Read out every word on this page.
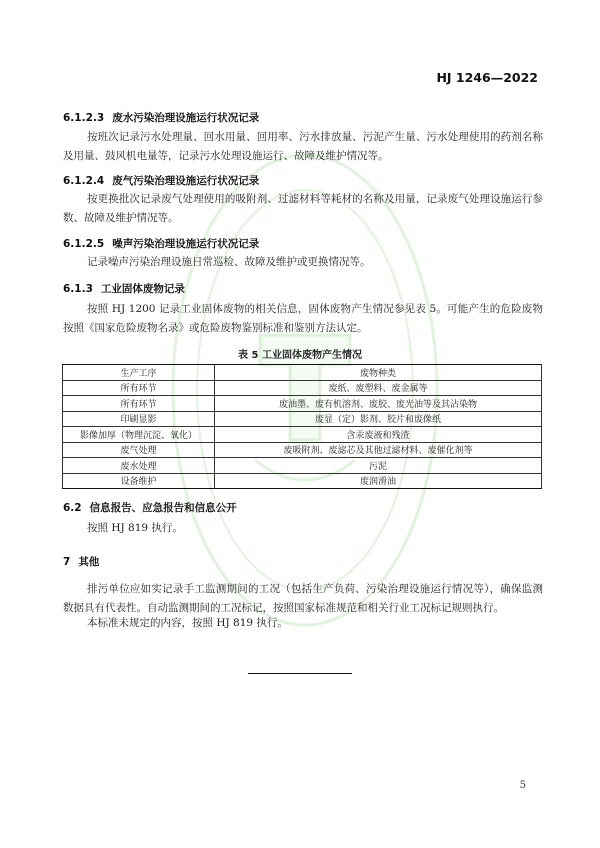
HJ 1246—2022
6.1.2.3 废水污染治理设施运行状况记录
按班次记录污水处理量、回水用量、回用率、污水排放量、污泥产生量、污水处理使用的药剂名称及用量、鼓风机电量等，记录污水处理设施运行、故障及维护情况等。
6.1.2.4 废气污染治理设施运行状况记录
按更换批次记录废气处理使用的吸附剂、过滤材料等耗材的名称及用量，记录废气处理设施运行参数、故障及维护情况等。
6.1.2.5 噪声污染治理设施运行状况记录
记录噪声污染治理设施日常巡检、故障及维护或更换情况等。
6.1.3 工业固体废物记录
按照 HJ 1200 记录工业固体废物的相关信息，固体废物产生情况参见表 5。可能产生的危险废物按照《国家危险废物名录》或危险废物鉴别标准和鉴别方法认定。
表 5 工业固体废物产生情况
生产工序	废物种类
所有环节	废纸、废塑料、废金属等
所有环节	废油墨、废有机溶剂、废胶、废光油等及其沾染物
印刷显影	废显（定）影剂、胶片和废像纸
影像加厚（物理沉淀、氧化）	含汞废液和残渣
废气处理	废吸附剂、废滤芯及其他过滤材料、废催化剂等
废水处理	污泥
设备维护	废润滑油
6.2 信息报告、应急报告和信息公开
按照 HJ 819 执行。
7 其他
排污单位应如实记录手工监测期间的工况（包括生产负荷、污染治理设施运行情况等），确保监测数据具有代表性。自动监测期间的工况标记，按照国家标准规范和相关行业工况标记规则执行。
本标准未规定的内容，按照 HJ 819 执行。
5
